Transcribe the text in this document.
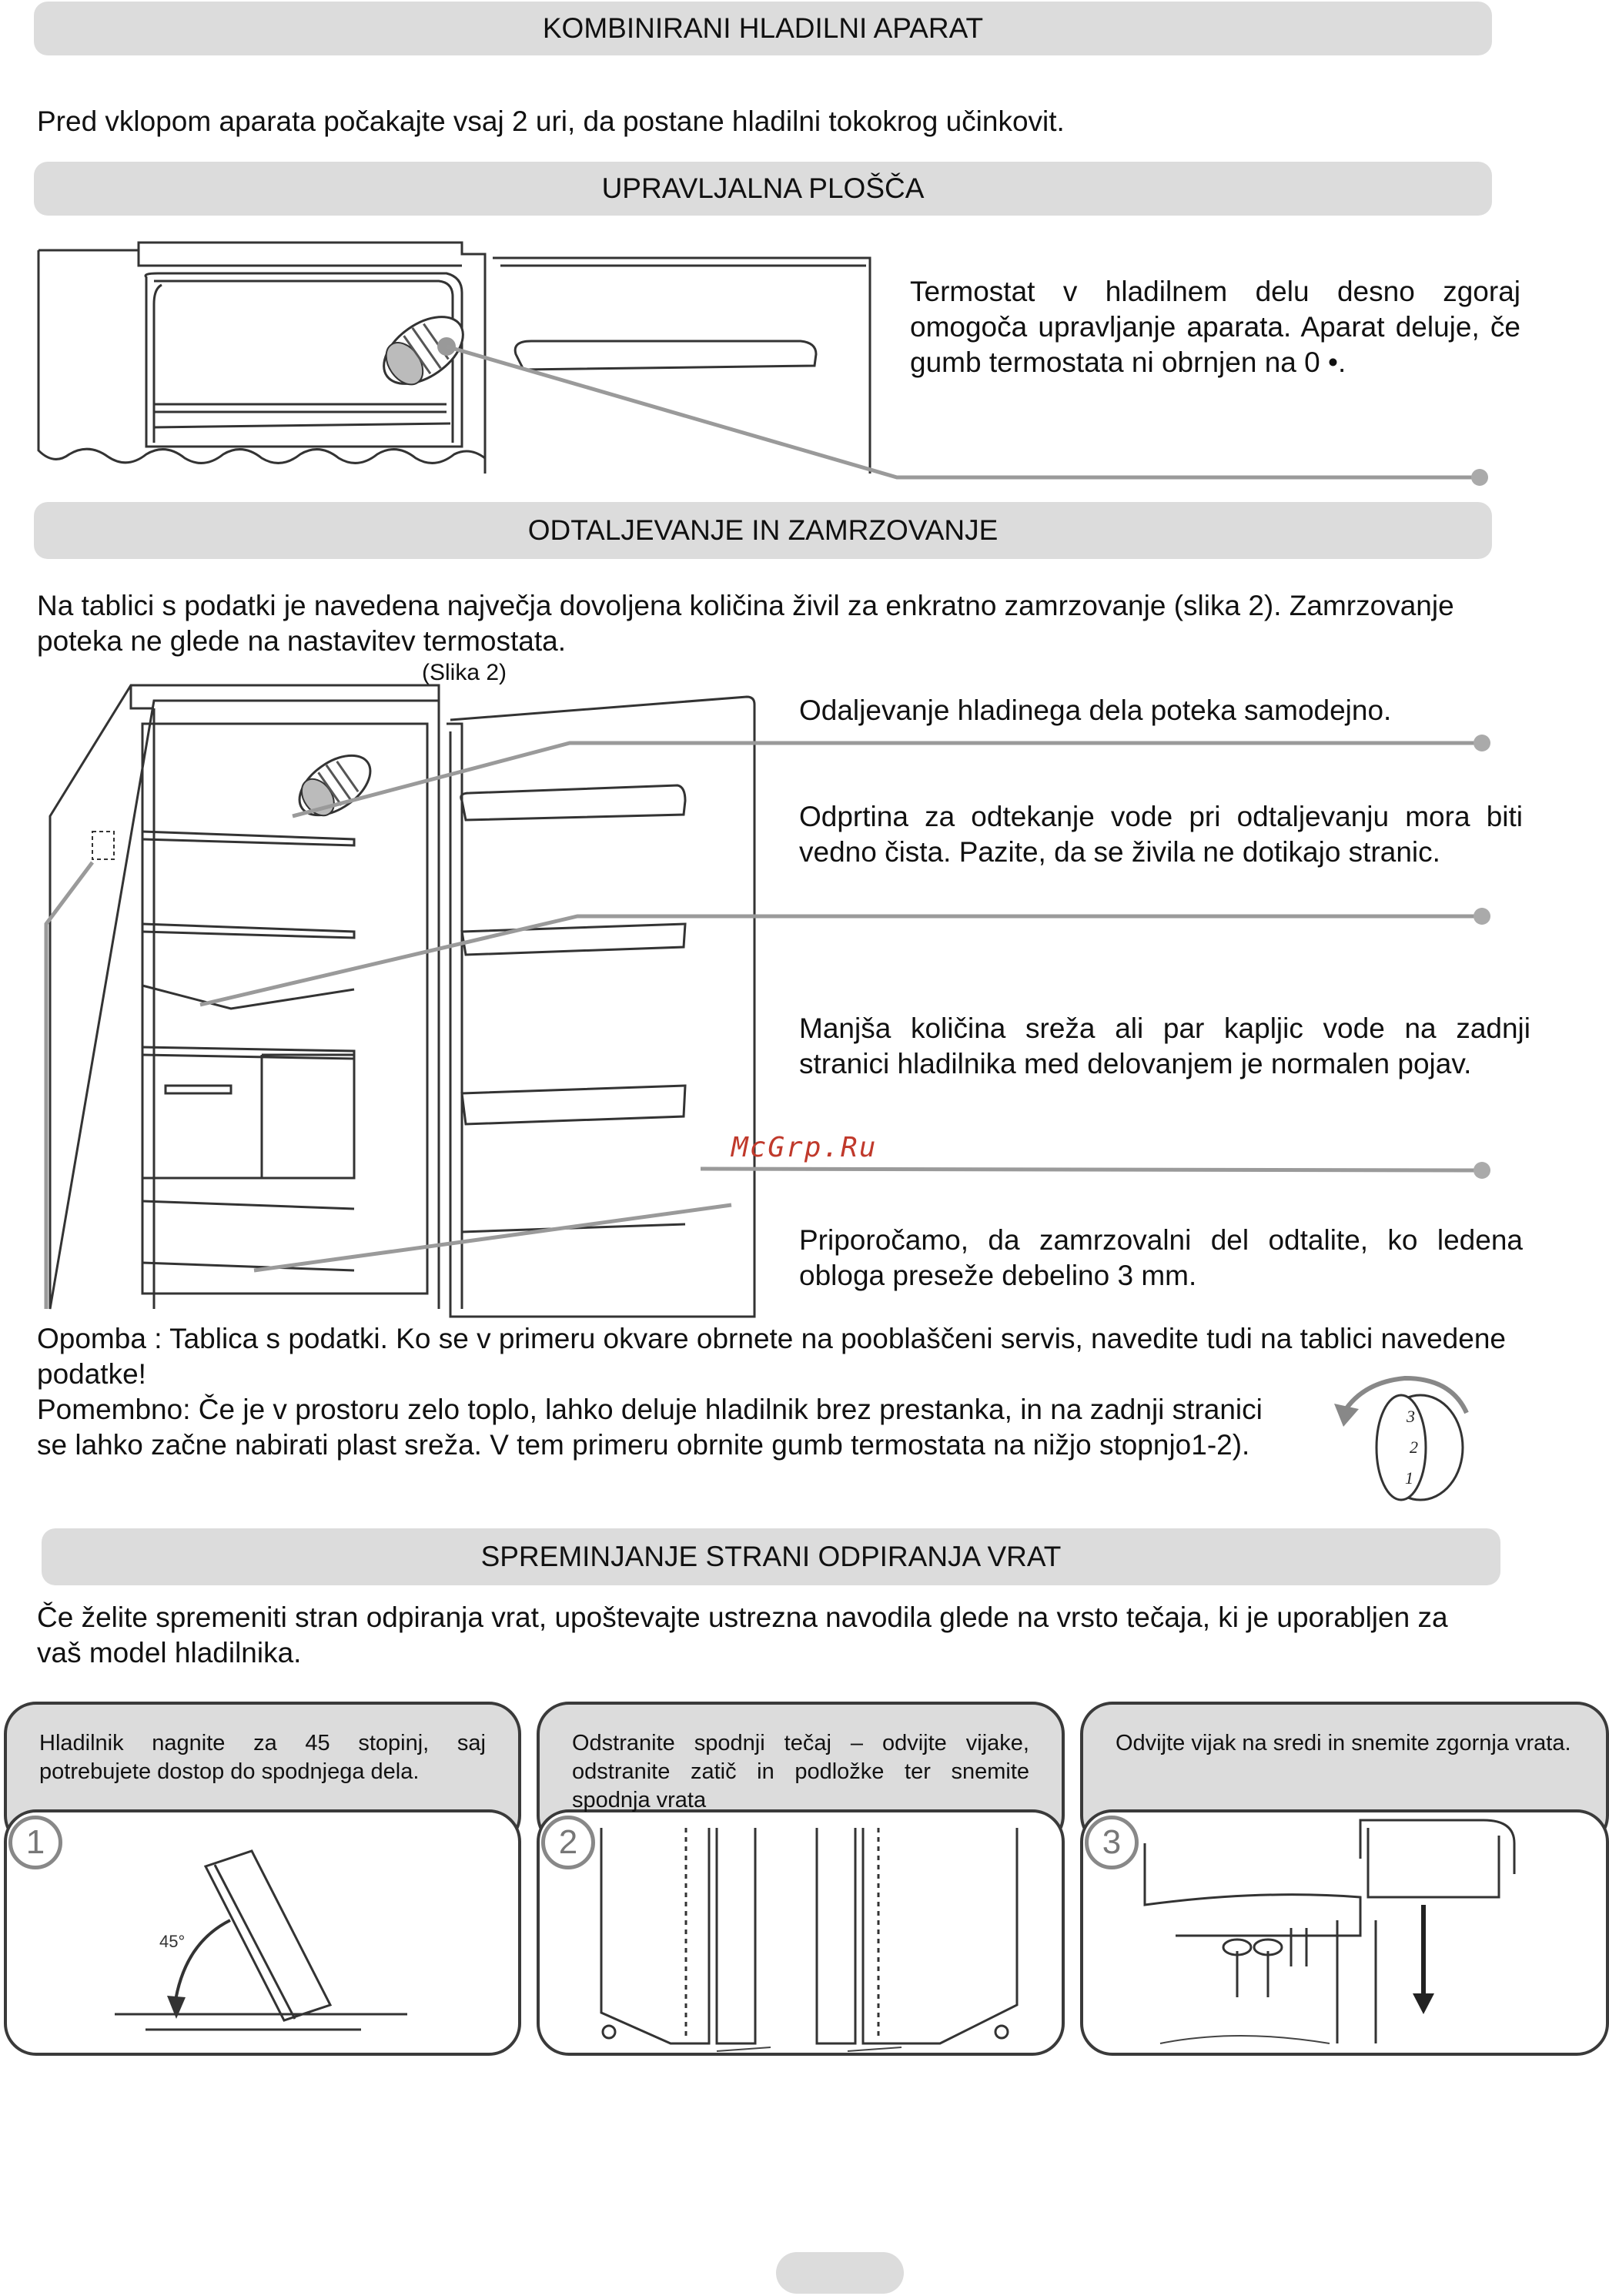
KOMBINIRANI HLADILNI APARAT
Pred vklopom aparata počakajte vsaj 2 uri, da postane hladilni tokokrog učinkovit.
UPRAVLJALNA PLOŠČA
Termostat v hladilnem delu desno zgoraj omogoča upravljanje aparata. Aparat deluje, če gumb termostata ni obrnjen na 0 •.
ODTALJEVANJE IN ZAMRZOVANJE
Na tablici s podatki je navedena največja dovoljena količina živil za enkratno zamrzovanje (slika 2). Zamrzovanje poteka ne glede na nastavitev termostata.
(Slika 2)
Odaljevanje hladinega dela poteka samodejno.
Odprtina za odtekanje vode pri odtaljevanju mora biti vedno čista. Pazite, da se živila ne dotikajo stranic.
Manjša količina sreža ali par kapljic vode na zadnji stranici hladilnika med delovanjem je normalen pojav.
McGrp.Ru
Priporočamo, da zamrzovalni del odtalite, ko ledena obloga preseže debelino 3 mm.
Opomba : Tablica s podatki. Ko se v primeru okvare obrnete na pooblaščeni servis, navedite tudi na tablici navedene podatke!
Pomembno: Če je v prostoru zelo toplo, lahko deluje hladilnik brez prestanka, in na zadnji stranici se lahko začne nabirati plast sreža. V tem primeru obrnite gumb termostata na nižjo stopnjo1-2).
3
2
1
SPREMINJANJE STRANI ODPIRANJA VRAT
Če želite spremeniti stran odpiranja vrat, upoštevajte ustrezna navodila glede na vrsto tečaja, ki je uporabljen za vaš model hladilnika.
45°
Hladilnik nagnite za 45 stopinj, saj potrebujete dostop do spodnjega dela.
1
Odstranite spodnji tečaj – odvijte vijake, odstranite zatič in podložke ter snemite spodnja vrata
2
Odvijte vijak na sredi in snemite zgornja vrata.
3
